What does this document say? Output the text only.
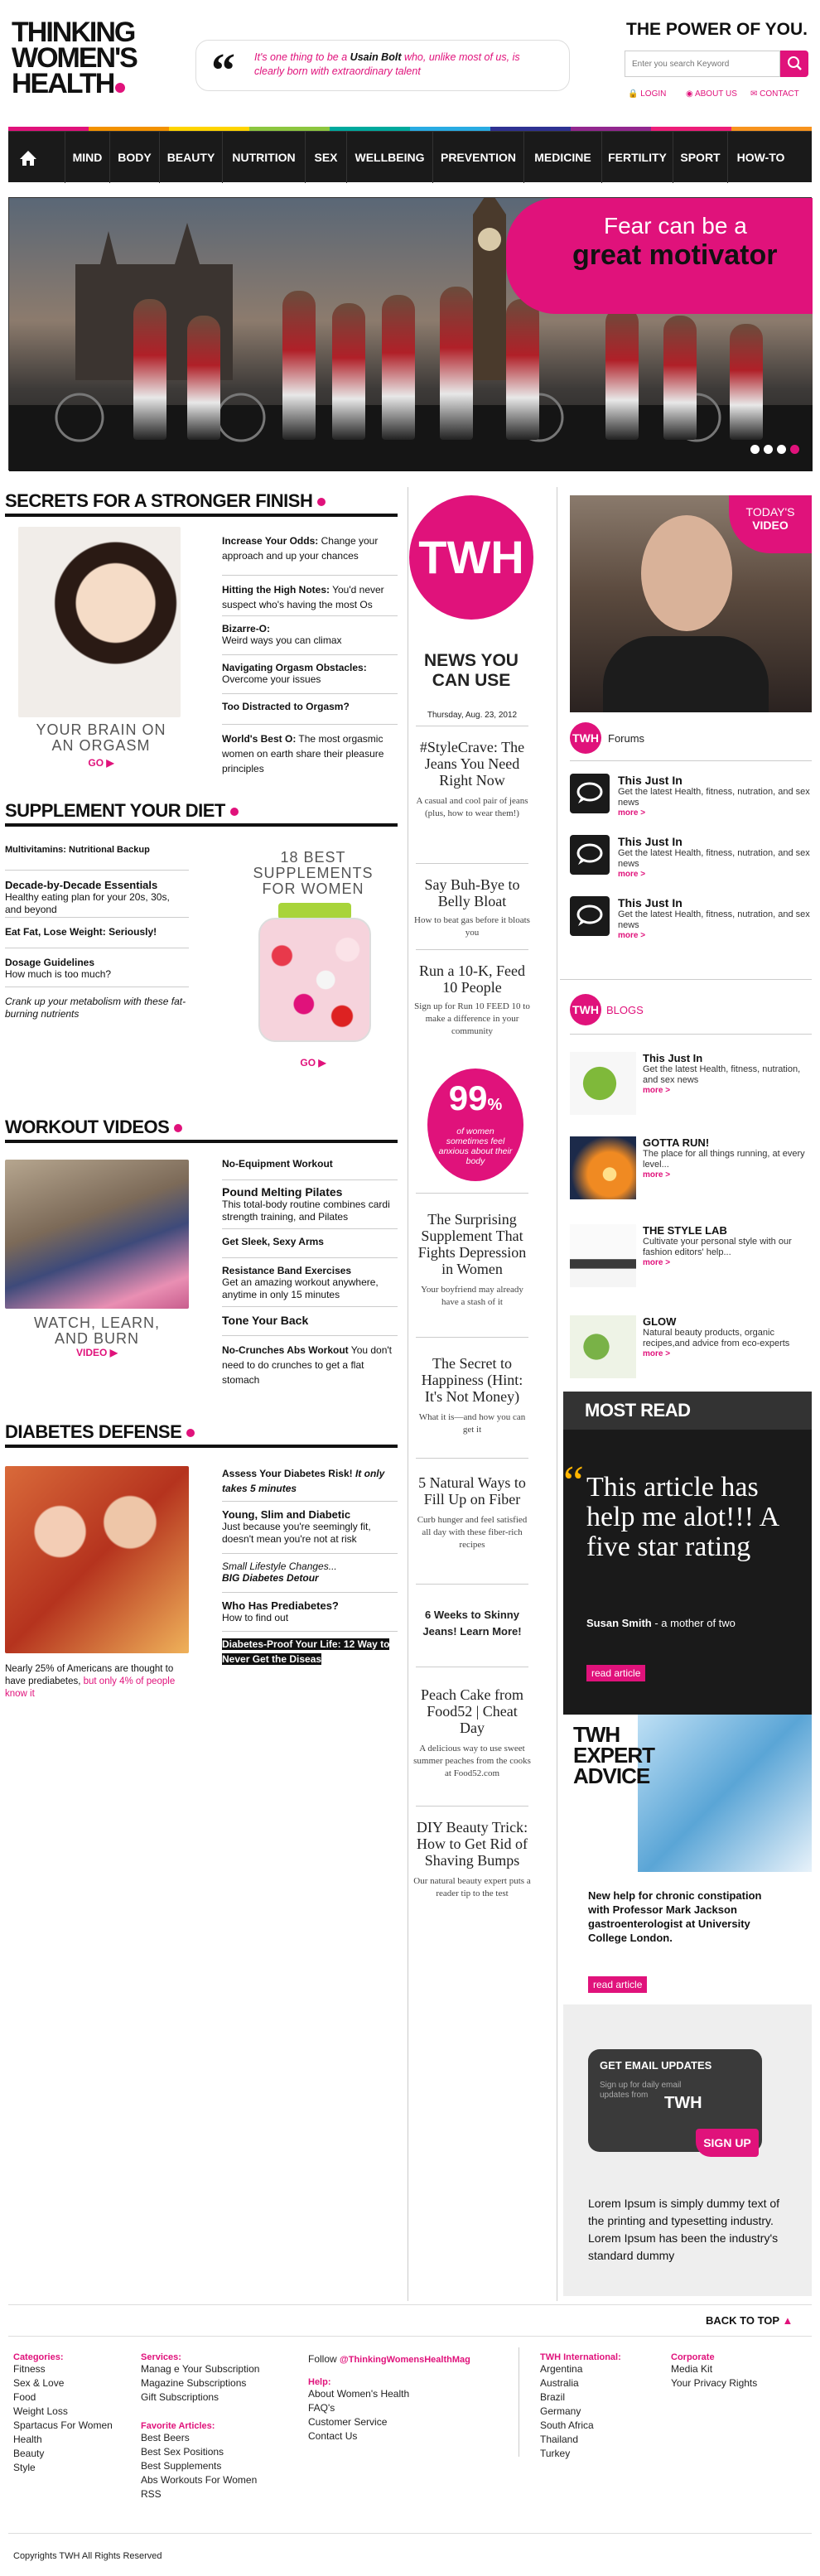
THINKING
WOMEN'S
HEALTH	“ It's one thing to be a Usain Bolt who, unlike most of us, is clearly born with extraordinary talent
THE POWER OF YOU.
Enter you search Keyword
🔒 LOGIN ◉ ABOUT US ✉ CONTACT
MIND	BODY	BEAUTY	NUTRITION	SEX	WELLBEING	PREVENTION	MEDICINE	FERTILITY	SPORT	HOW-TO
Fear can be a
great motivator
SECRETS FOR A STRONGER FINISH
YOUR BRAIN ON
AN ORGASM
GO ▶
Increase Your Odds: Change your approach and up your chances
Hitting the High Notes: You'd never suspect who's having the most Os
Bizarre-O:
Weird ways you can climax
Navigating Orgasm Obstacles:
Overcome your issues
Too Distracted to Orgasm?
World's Best O: The most orgasmic women on earth share their pleasure principles
SUPPLEMENT YOUR DIET
Multivitamins: Nutritional Backup
Decade-by-Decade Essentials
Healthy eating plan for your 20s, 30s, and beyond
Eat Fat, Lose Weight: Seriously!
Dosage Guidelines
How much is too much?
Crank up your metabolism with these fat-burning nutrients
18 BEST
SUPPLEMENTS
FOR WOMEN
GO ▶
WORKOUT VIDEOS
WATCH, LEARN,
AND BURN
VIDEO ▶
No-Equipment Workout
Pound Melting Pilates
This total-body routine combines cardi strength training, and Pilates
Get Sleek, Sexy Arms
Resistance Band Exercises
Get an amazing workout anywhere, anytime in only 15 minutes
Tone Your Back
No-Crunches Abs Workout You don't need to do crunches to get a flat stomach
DIABETES DEFENSE
Nearly 25% of Americans are thought to have prediabetes, but only 4% of people know it
Assess Your Diabetes Risk! It only takes 5 minutes
Young, Slim and Diabetic
Just because you're seemingly fit, doesn't mean you're not at risk
Small Lifestyle Changes...
BIG Diabetes Detour
Who Has Prediabetes?
How to find out
Diabetes-Proof Your Life: 12 Way to Never Get the Diseas
TWH
NEWS YOU CAN USE
Thursday, Aug. 23, 2012
#StyleCrave: The Jeans You Need Right Now
A casual and cool pair of jeans (plus, how to wear them!)
Say Buh-Bye to Belly Bloat
How to beat gas before it bloats you
Run a 10-K, Feed 10 People
Sign up for Run 10 FEED 10 to make a difference in your community
99%
of women sometimes feel anxious about their body
The Surprising Supplement That Fights Depression in Women
Your boyfriend may already have a stash of it
The Secret to Happiness (Hint: It's Not Money)
What it is—and how you can get it
5 Natural Ways to Fill Up on Fiber
Curb hunger and feel satisfied all day with these fiber-rich recipes
6 Weeks to Skinny Jeans! Learn More!
Peach Cake from Food52 | Cheat Day
A delicious way to use sweet summer peaches from the cooks at Food52.com
DIY Beauty Trick: How to Get Rid of Shaving Bumps
Our natural beauty expert puts a reader tip to the test
TODAY'S
VIDEO
TWH Forums
This Just In
Get the latest Health, fitness, nutration, and sex news
more >
This Just In
Get the latest Health, fitness, nutration, and sex news
more >
This Just In
Get the latest Health, fitness, nutration, and sex news
more >
TWH BLOGS
This Just In
Get the latest Health, fitness, nutration, and sex news
more >
GOTTA RUN!
The place for all things running, at every level...
more >
THE STYLE LAB
Cultivate your personal style with our fashion editors' help...
more >
GLOW
Natural beauty products, organic recipes,and advice from eco-experts
more >
MOST READ
“ This article has help me alot!!! A five star rating
Susan Smith - a mother of two
read article
TWH
EXPERT
ADVICE
New help for chronic constipation with Professor Mark Jackson gastroenterologist at University College London.
read article
GET EMAIL UPDATES
Sign up for daily email updates from TWH
SIGN UP
Lorem Ipsum is simply dummy text of the printing and typesetting industry. Lorem Ipsum has been the industry's standard dummy
BACK TO TOP ▲
Categories:
Fitness
Sex & Love
Food
Weight Loss
Spartacus For Women
Health
Beauty
Style
Services:
Manag e Your Subscription
Magazine Subscriptions
Gift Subscriptions
Favorite Articles:
Best Beers
Best Sex Positions
Best Supplements
Abs Workouts For Women
RSS
Follow @ThinkingWomensHealthMag
Help:
About Women's Health
FAQ's
Customer Service
Contact Us
TWH International:
Argentina
Australia
Brazil
Germany
South Africa
Thailand
Turkey
Corporate
Media Kit
Your Privacy Rights
Copyrights TWH All Rights Reserved
